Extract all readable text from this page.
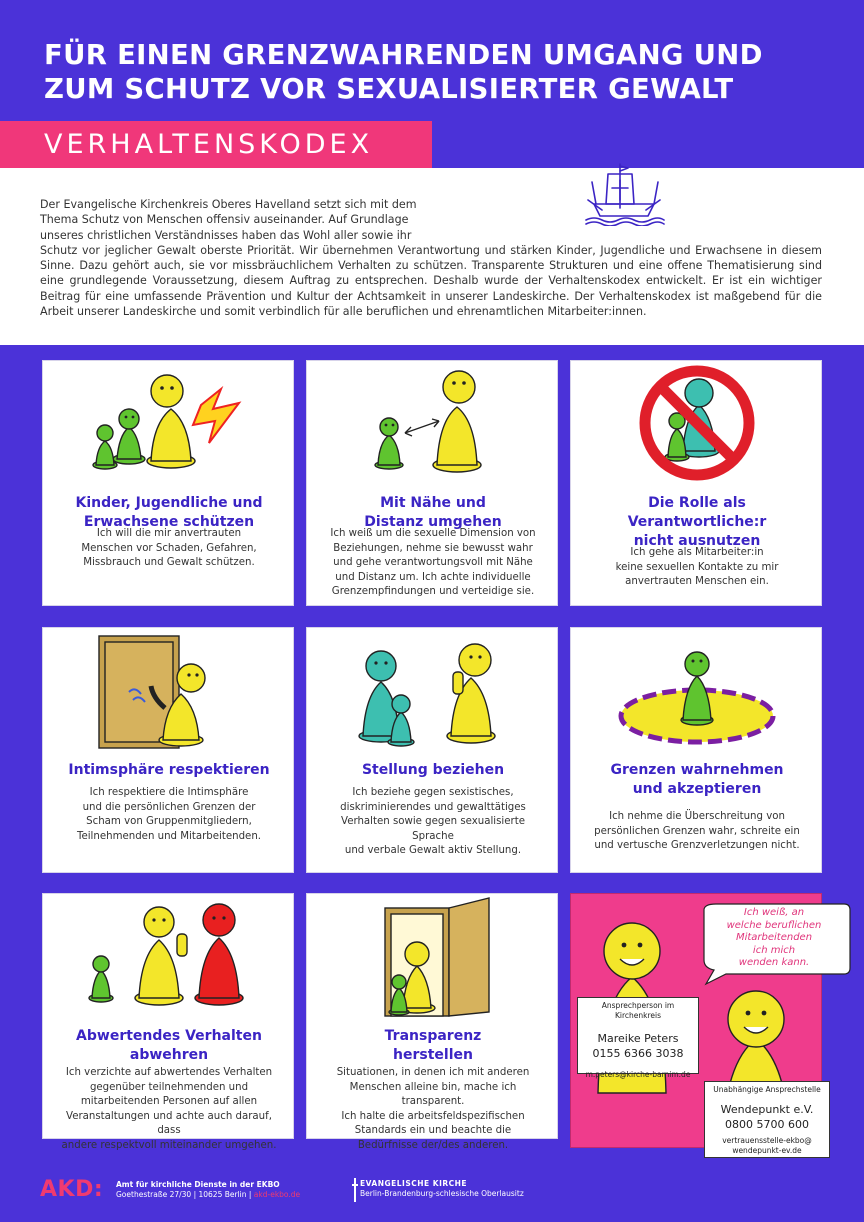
FÜR EINEN GRENZWAHRENDEN UMGANG UND
ZUM SCHUTZ VOR SEXUALISIERTER GEWALT
VERHALTENSKODEX
Der Evangelische Kirchenkreis Oberes Havelland setzt sich mit dem
Thema Schutz von Menschen offensiv auseinander. Auf Grundlage
unseres christlichen Verständnisses haben das Wohl aller sowie ihr
Schutz vor jeglicher Gewalt oberste Priorität. Wir übernehmen Verantwortung und stärken Kinder, Jugendliche und Erwachsene in diesem Sinne. Dazu gehört auch, sie vor missbräuchlichem Verhalten zu schützen. Transparente Strukturen und eine offene Thematisierung sind eine grundlegende Voraussetzung, diesem Auftrag zu entsprechen. Deshalb wurde der Verhaltenskodex entwickelt. Er ist ein wichtiger Beitrag für eine umfassende Prävention und Kultur der Achtsamkeit in unserer Landeskirche. Der Verhaltenskodex ist maßgebend für die Arbeit unserer Landeskirche und somit verbindlich für alle beruflichen und ehrenamtlichen Mitarbeiter:innen.
Kinder, Jugendliche und
Erwachsene schützen

Ich will die mir anvertrauten
Menschen vor Schaden, Gefahren,
Missbrauch und Gewalt schützen.

Mit Nähe und
Distanz umgehen

Ich weiß um die sexuelle Dimension von
Beziehungen, nehme sie bewusst wahr
und gehe verantwortungsvoll mit Nähe
und Distanz um. Ich achte individuelle
Grenzempfindungen und verteidige sie.

Die Rolle als
Verantwortliche:r
nicht ausnutzen

Ich gehe als Mitarbeiter:in
keine sexuellen Kontakte zu mir
anvertrauten Menschen ein.

Intimsphäre respektieren

Ich respektiere die Intimsphäre
und die persönlichen Grenzen der
Scham von Gruppenmitgliedern,
Teilnehmenden und Mitarbeitenden.

Stellung beziehen

Ich beziehe gegen sexistisches,
diskriminierendes und gewalttätiges
Verhalten sowie gegen sexualisierte Sprache
und verbale Gewalt aktiv Stellung.

Grenzen wahrnehmen
und akzeptieren

Ich nehme die Überschreitung von
persönlichen Grenzen wahr, schreite ein
und vertusche Grenzverletzungen nicht.

Abwertendes Verhalten
abwehren

Ich verzichte auf abwertendes Verhalten
gegenüber teilnehmenden und
mitarbeitenden Personen auf allen
Veranstaltungen und achte auch darauf, dass
andere respektvoll miteinander umgehen.

Transparenz
herstellen

Situationen, in denen ich mit anderen
Menschen alleine bin, mache ich transparent.
Ich halte die arbeitsfeldspezifischen
Standards ein und beachte die
Bedürfnisse der/des anderen.

Ich weiß, an
welche beruflichen
Mitarbeitenden
ich mich
wenden kann.
Ansprechperson im Kirchenkreis
Mareike Peters
0155 6366 3038
m.peters@kirche-barnim.de
Unabhängige Ansprechstelle
Wendepunkt e.V.
0800 5700 600
vertrauensstelle-ekbo@
wendepunkt-ev.de
AKD: Amt für kirchliche Dienste in der EKBO
Goethestraße 27/30 | 10625 Berlin | akd-ekbo.de
EVANGELISCHE KIRCHE
Berlin-Brandenburg-schlesische Oberlausitz
